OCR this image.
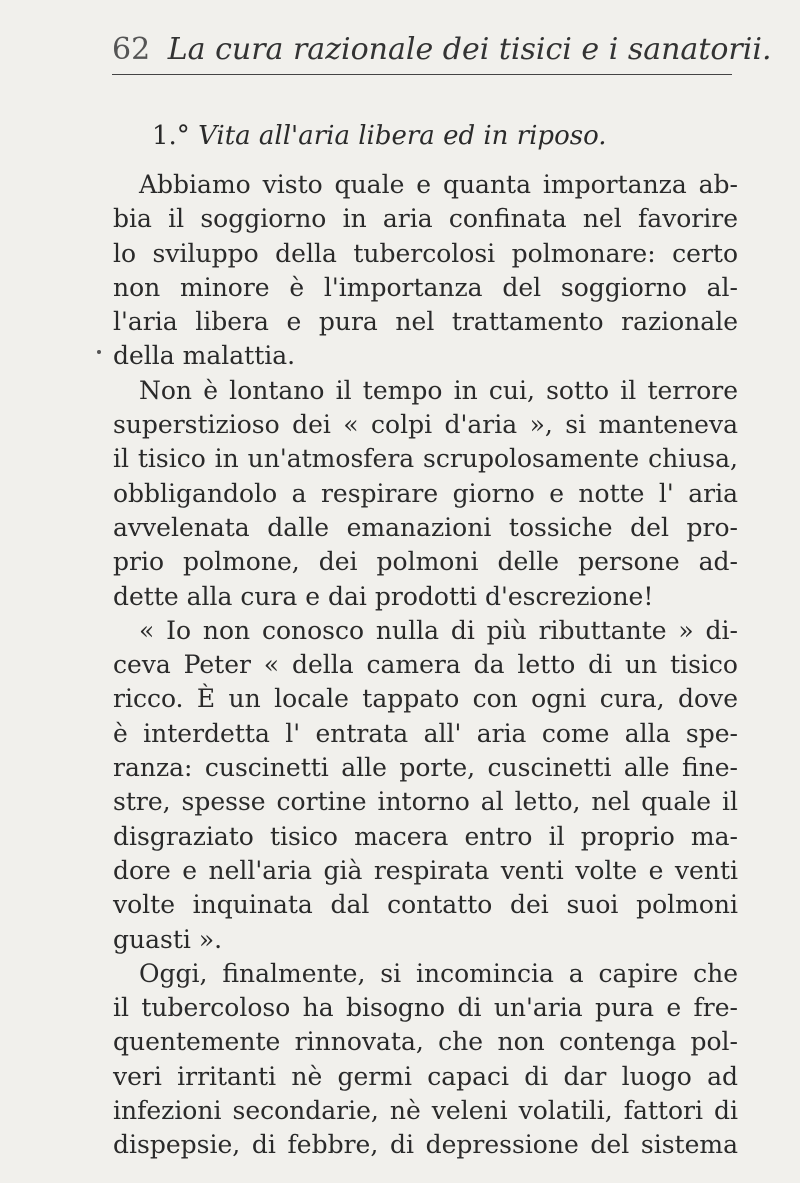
62 La cura razionale dei tisici e i sanatorii.
1.° Vita all'aria libera ed in riposo.
Abbiamo visto quale e quanta importanza ab-
bia il soggiorno in aria confinata nel favorire
lo sviluppo della tubercolosi polmonare: certo
non minore è l'importanza del soggiorno al-
l'aria libera e pura nel trattamento razionale
della malattia.
Non è lontano il tempo in cui, sotto il terrore
superstizioso dei « colpi d'aria », si manteneva
il tisico in un'atmosfera scrupolosamente chiusa,
obbligandolo a respirare giorno e notte l' aria
avvelenata dalle emanazioni tossiche del pro-
prio polmone, dei polmoni delle persone ad-
dette alla cura e dai prodotti d'escrezione!
« Io non conosco nulla di più ributtante » di-
ceva Peter « della camera da letto di un tisico
ricco. È un locale tappato con ogni cura, dove
è interdetta l' entrata all' aria come alla spe-
ranza: cuscinetti alle porte, cuscinetti alle fine-
stre, spesse cortine intorno al letto, nel quale il
disgraziato tisico macera entro il proprio ma-
dore e nell'aria già respirata venti volte e venti
volte inquinata dal contatto dei suoi polmoni
guasti ».
Oggi, finalmente, si incomincia a capire che
il tubercoloso ha bisogno di un'aria pura e fre-
quentemente rinnovata, che non contenga pol-
veri irritanti nè germi capaci di dar luogo ad
infezioni secondarie, nè veleni volatili, fattori di
dispepsie, di febbre, di depressione del sistema
